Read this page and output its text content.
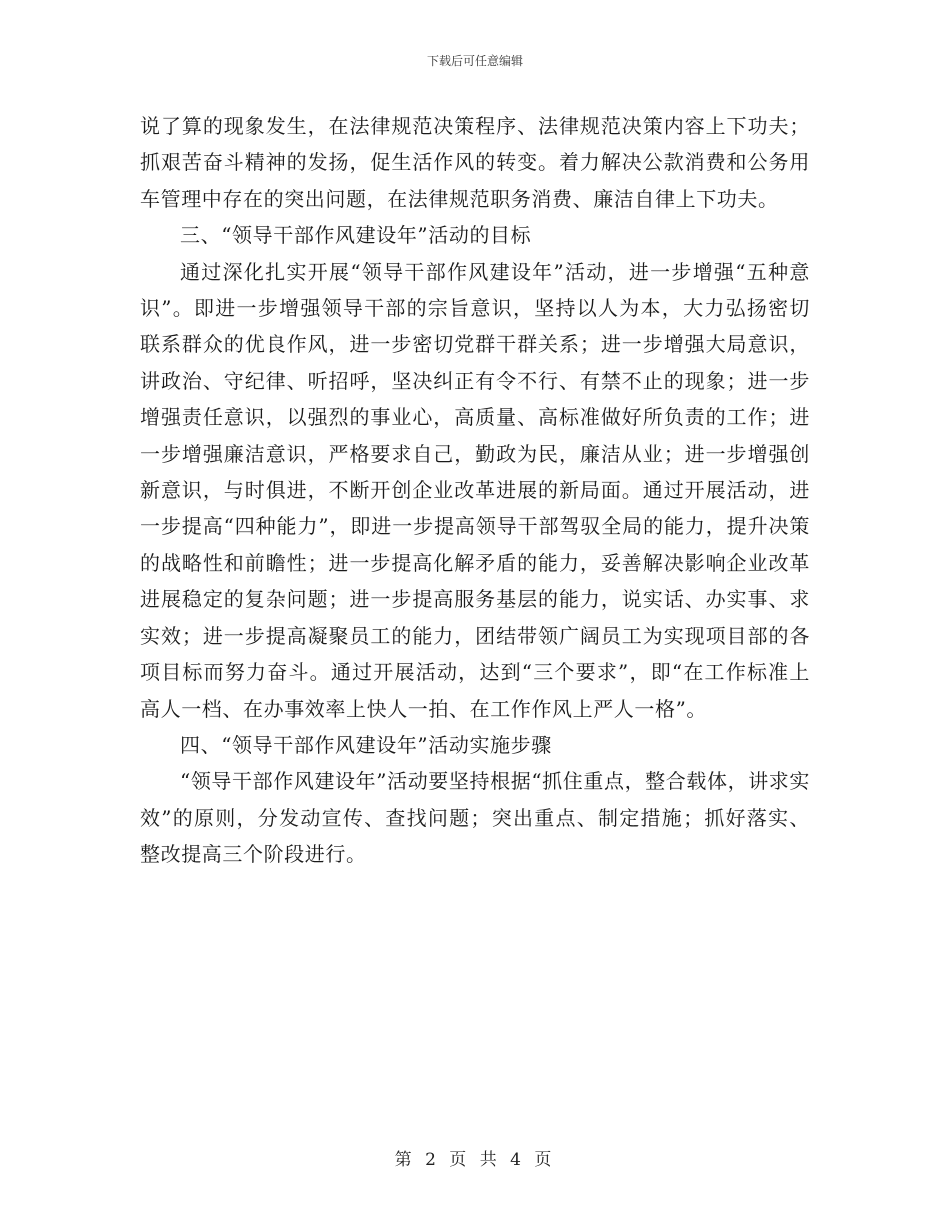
下载后可任意编辑

说了算的现象发生，在法律规范决策程序、法律规范决策内容上下功夫；抓艰苦奋斗精神的发扬，促生活作风的转变。着力解决公款消费和公务用车管理中存在的突出问题，在法律规范职务消费、廉洁自律上下功夫。

三、“领导干部作风建设年”活动的目标

通过深化扎实开展“领导干部作风建设年”活动，进一步增强“五种意识”。即进一步增强领导干部的宗旨意识，坚持以人为本，大力弘扬密切联系群众的优良作风，进一步密切党群干群关系；进一步增强大局意识，讲政治、守纪律、听招呼，坚决纠正有令不行、有禁不止的现象；进一步增强责任意识，以强烈的事业心，高质量、高标准做好所负责的工作；进一步增强廉洁意识，严格要求自己，勤政为民，廉洁从业；进一步增强创新意识，与时俱进，不断开创企业改革进展的新局面。通过开展活动，进一步提高“四种能力”，即进一步提高领导干部驾驭全局的能力，提升决策的战略性和前瞻性；进一步提高化解矛盾的能力，妥善解决影响企业改革进展稳定的复杂问题；进一步提高服务基层的能力，说实话、办实事、求实效；进一步提高凝聚员工的能力，团结带领广阔员工为实现项目部的各项目标而努力奋斗。通过开展活动，达到“三个要求”，即“在工作标准上高人一档、在办事效率上快人一拍、在工作作风上严人一格”。

四、“领导干部作风建设年”活动实施步骤

“领导干部作风建设年”活动要坚持根据“抓住重点，整合载体，讲求实效”的原则，分发动宣传、查找问题；突出重点、制定措施；抓好落实、整改提高三个阶段进行。

第 2 页 共 4 页
